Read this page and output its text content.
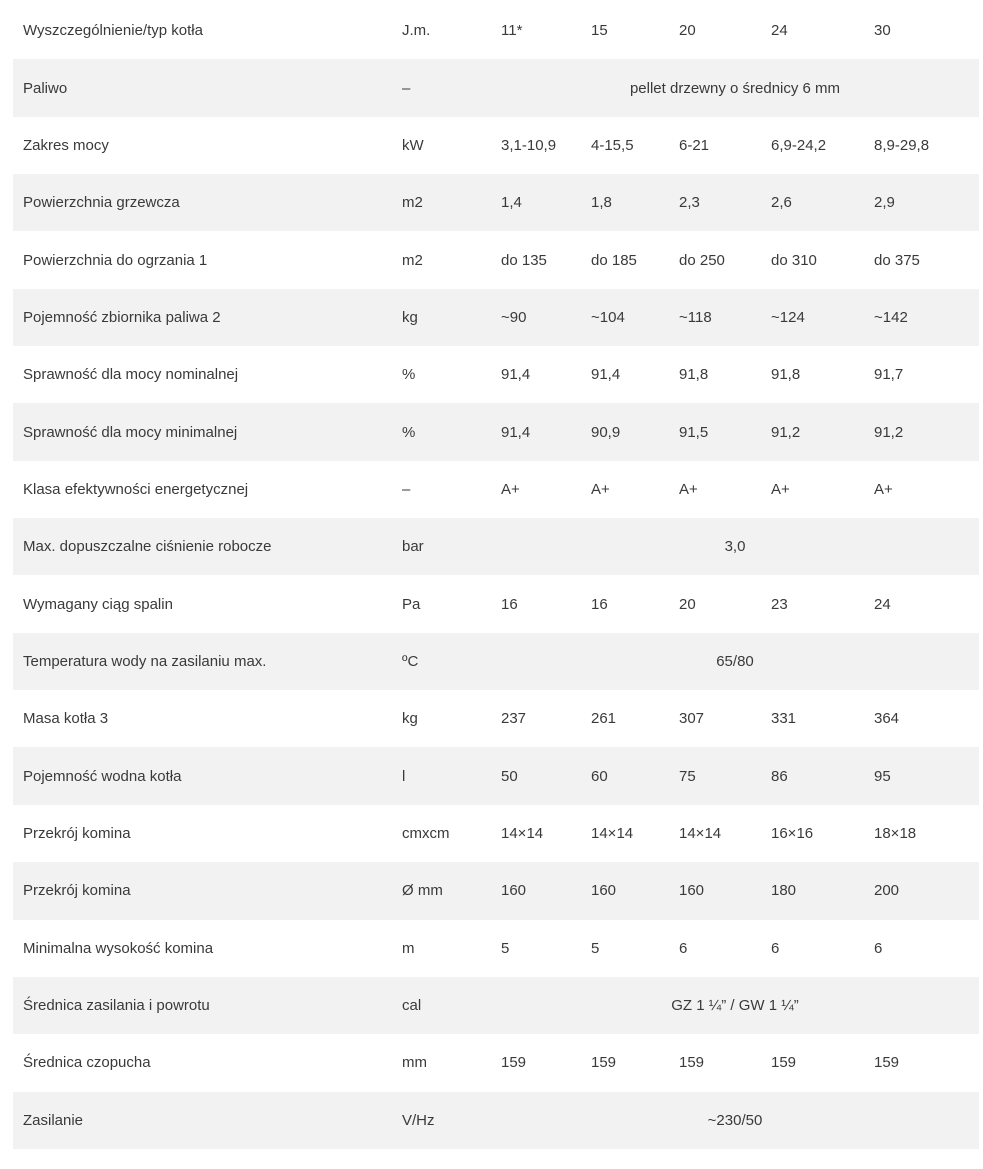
Wyszczególnienie/typ kotła	J.m.	11*	15	20	24	30
Paliwo	–	pellet drzewny o średnicy 6 mm				
Zakres mocy	kW	3,1-10,9	4-15,5	6-21	6,9-24,2	8,9-29,8
Powierzchnia grzewcza	m2	1,4	1,8	2,3	2,6	2,9
Powierzchnia do ogrzania 1	m2	do 135	do 185	do 250	do 310	do 375
Pojemność zbiornika paliwa 2	kg	~90	~104	~118	~124	~142
Sprawność dla mocy nominalnej	%	91,4	91,4	91,8	91,8	91,7
Sprawność dla mocy minimalnej	%	91,4	90,9	91,5	91,2	91,2
Klasa efektywności energetycznej	–	A+	A+	A+	A+	A+
Max. dopuszczalne ciśnienie robocze	bar	3,0				
Wymagany ciąg spalin	Pa	16	16	20	23	24
Temperatura wody na zasilaniu max.	ºC	65/80				
Masa kotła 3	kg	237	261	307	331	364
Pojemność wodna kotła	l	50	60	75	86	95
Przekrój komina	cmxcm	14×14	14×14	14×14	16×16	18×18
Przekrój komina	Ø mm	160	160	160	180	200
Minimalna wysokość komina	m	5	5	6	6	6
Średnica zasilania i powrotu	cal	GZ 1 ¼” / GW 1 ¼”				
Średnica czopucha	mm	159	159	159	159	159
Zasilanie	V/Hz	~230/50				
